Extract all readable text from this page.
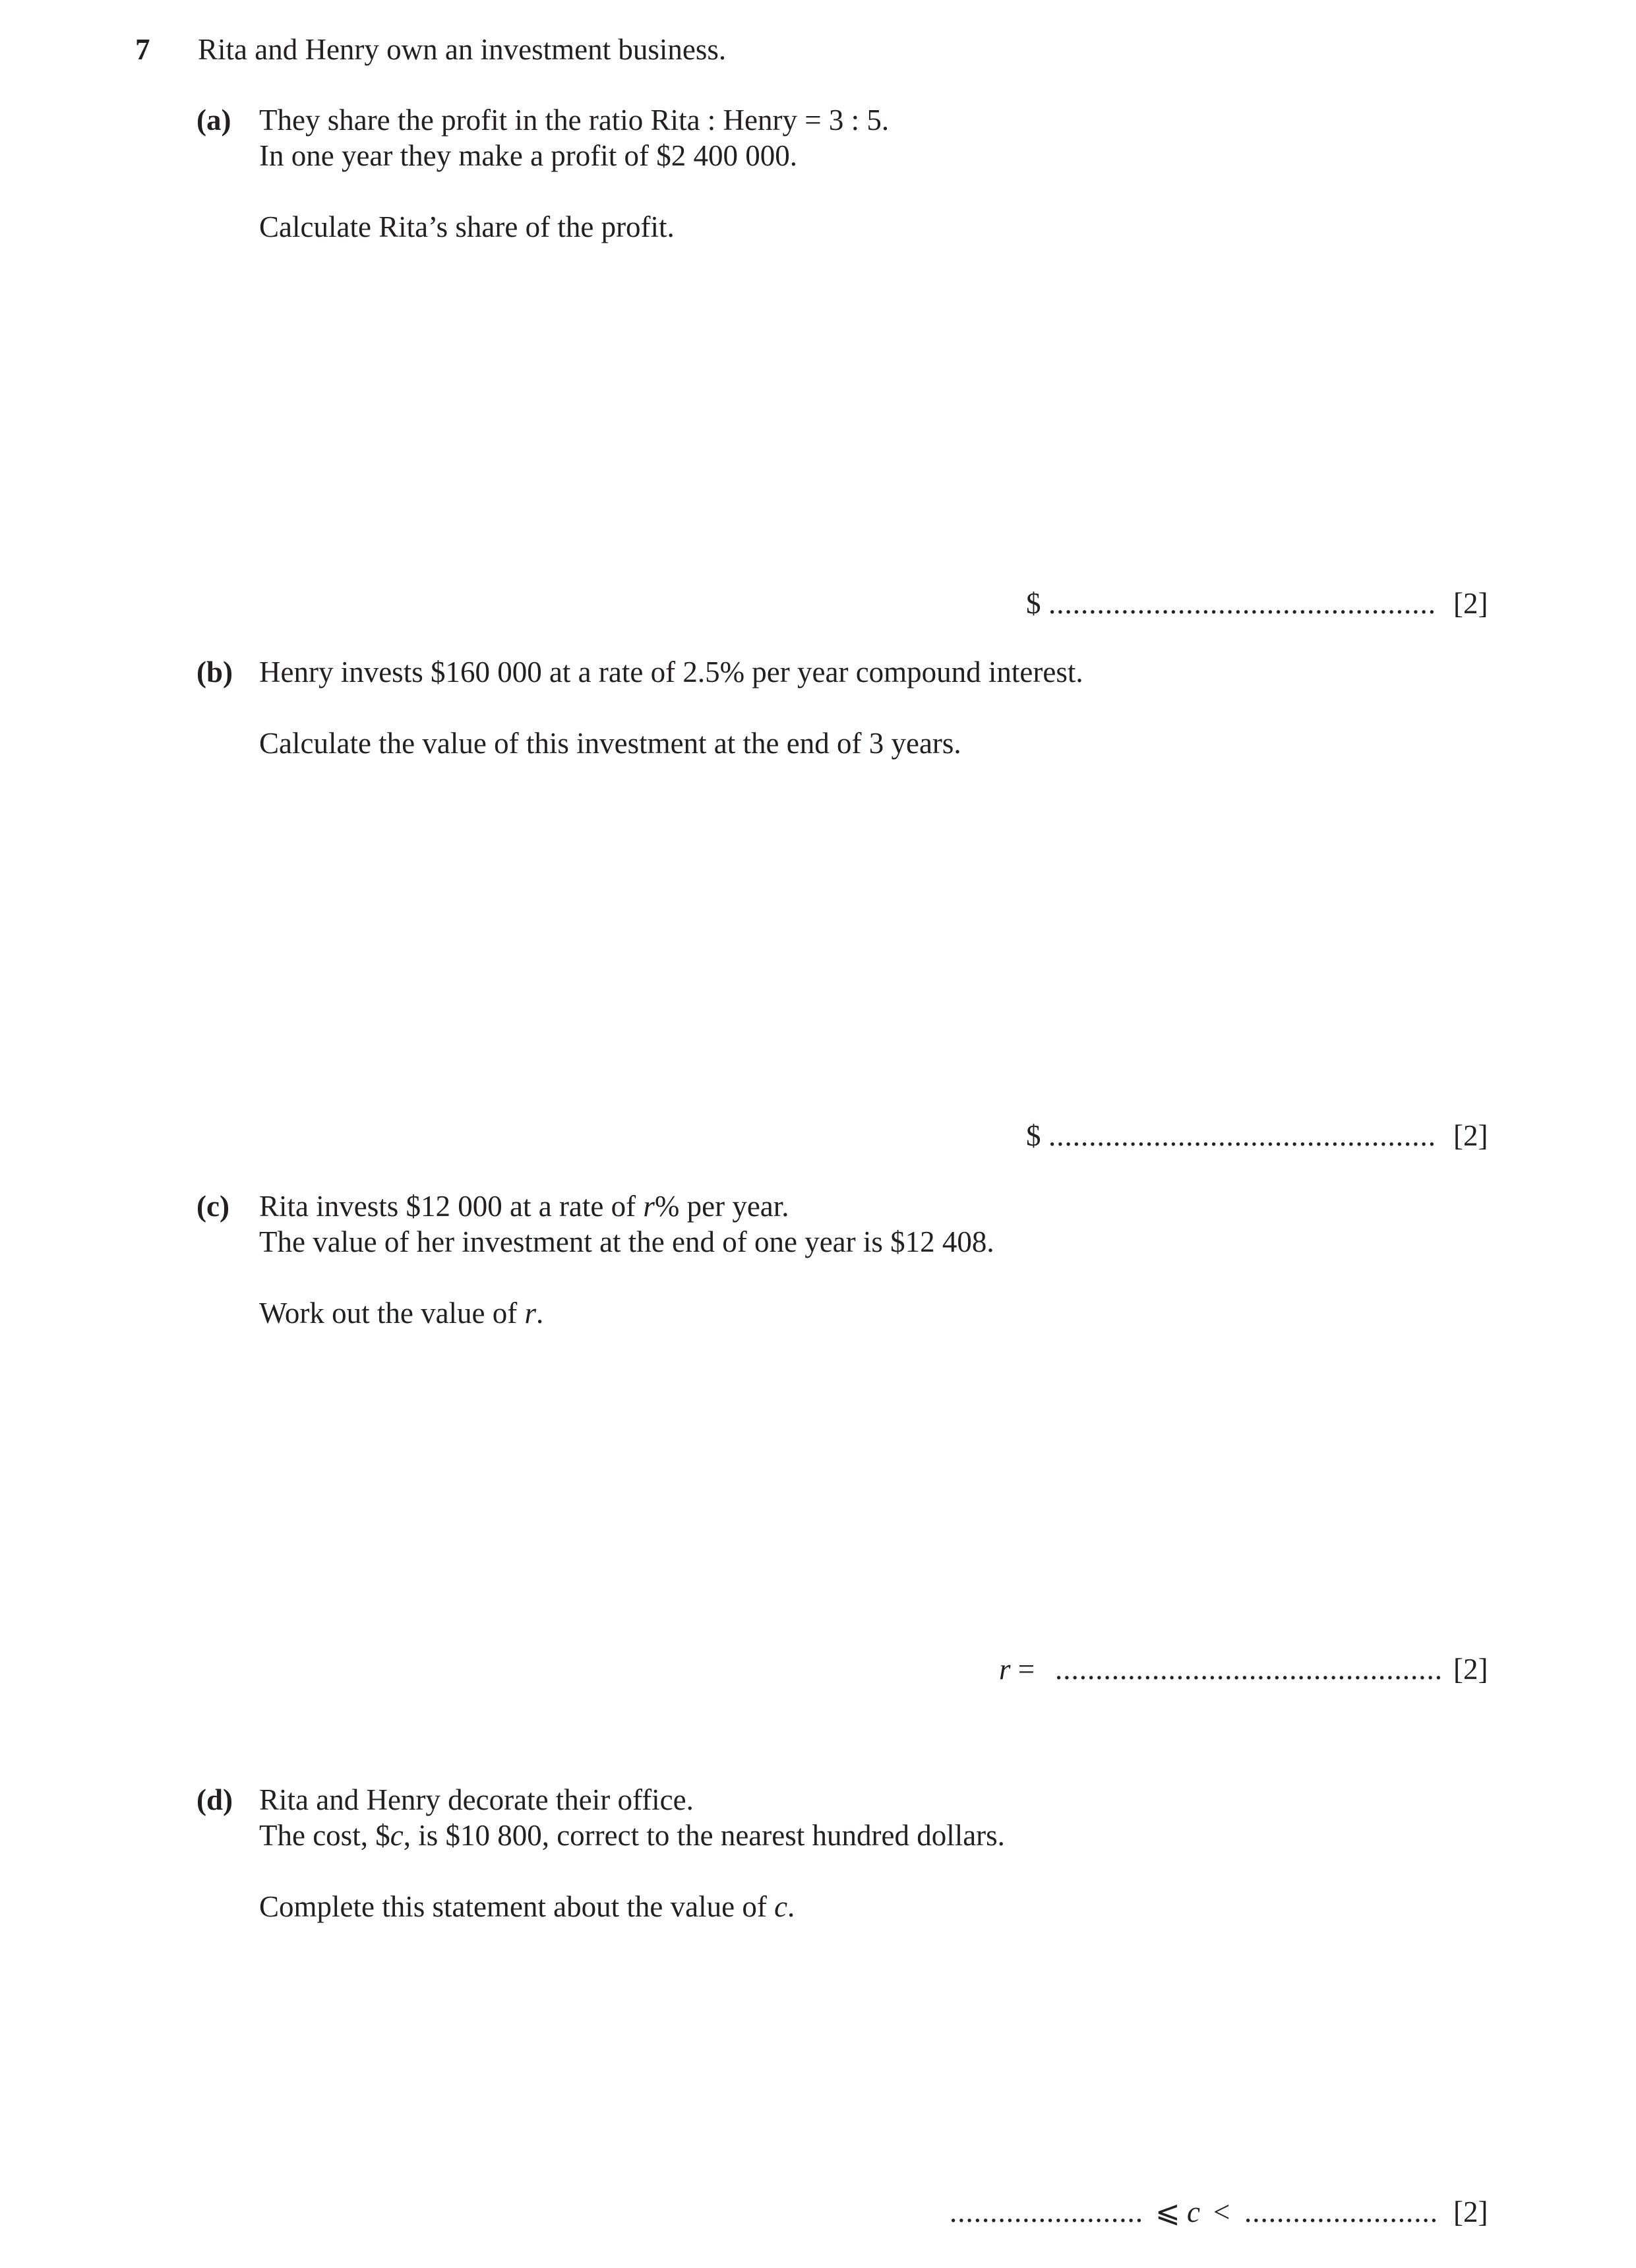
7 Rita and Henry own an investment business.
(a) They share the profit in the ratio Rita : Henry = 3 : 5.
In one year they make a profit of $2 400 000.
Calculate Rita’s share of the profit.
$ ................................................ [2]
(b) Henry invests $160 000 at a rate of 2.5% per year compound interest.
Calculate the value of this investment at the end of 3 years.
$ ................................................ [2]
(c) Rita invests $12 000 at a rate of r% per year.
The value of her investment at the end of one year is $12 408.
Work out the value of r.
r = ................................................ [2]
(d) Rita and Henry decorate their office.
The cost, $c, is $10 800, correct to the nearest hundred dollars.
Complete this statement about the value of c.
........................ ⩽ c < ........................ [2]
